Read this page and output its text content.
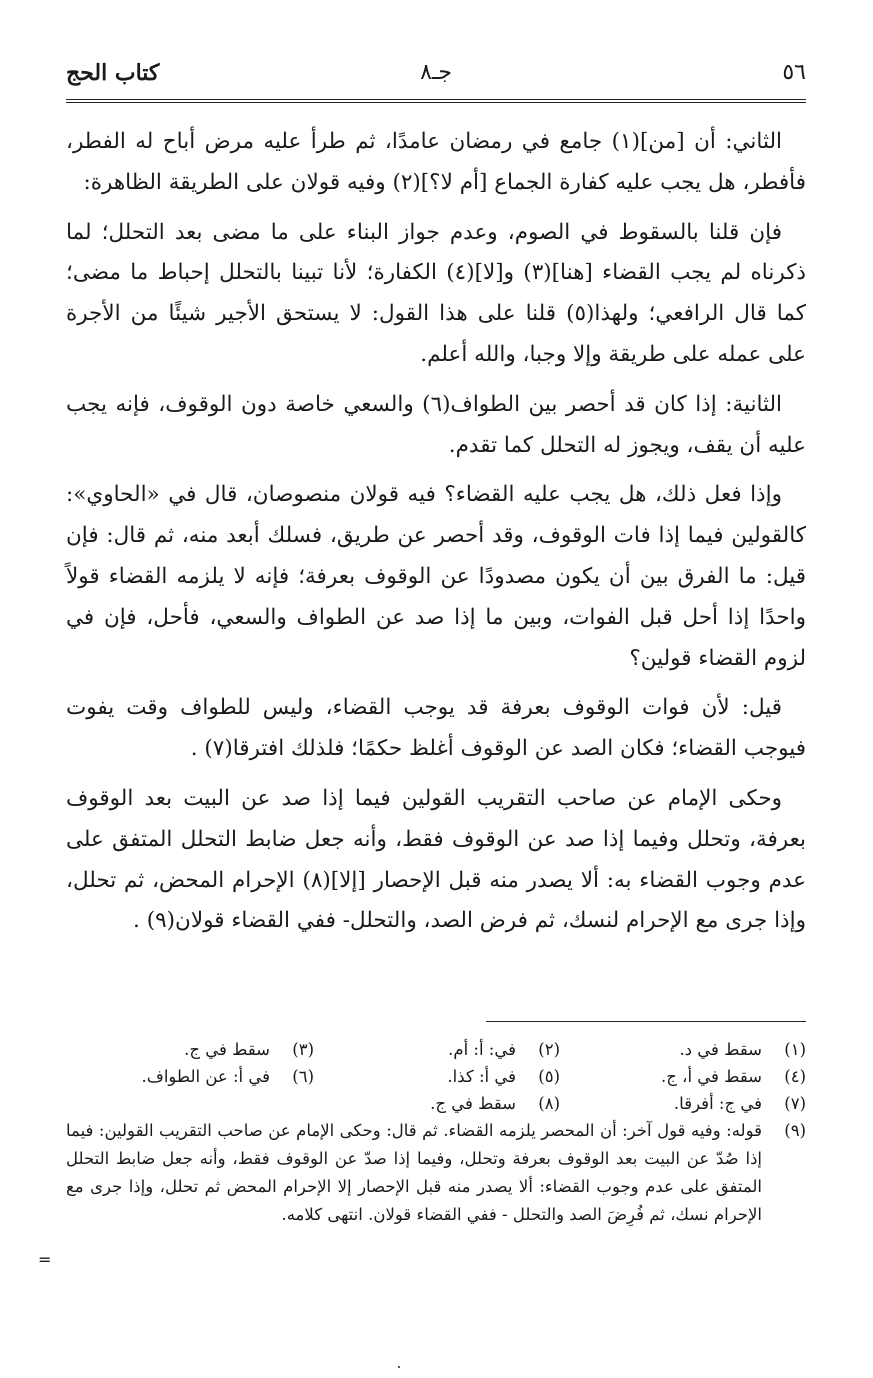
٥٦
جـ٨
كتاب الحج

الثاني: أن [من](١) جامع في رمضان عامدًا، ثم طرأ عليه مرض أباح له الفطر، فأفطر، هل يجب عليه كفارة الجماع [أم لا؟](٢) وفيه قولان على الطريقة الظاهرة:

فإن قلنا بالسقوط في الصوم، وعدم جواز البناء على ما مضى بعد التحلل؛ لما ذكرناه لم يجب القضاء [هنا](٣) و[لا](٤) الكفارة؛ لأنا تبينا بالتحلل إحباط ما مضى؛ كما قال الرافعي؛ ولهذا(٥) قلنا على هذا القول: لا يستحق الأجير شيئًا من الأجرة على عمله على طريقة وإلا وجبا، والله أعلم.

الثانية: إذا كان قد أحصر بين الطواف(٦) والسعي خاصة دون الوقوف، فإنه يجب عليه أن يقف، ويجوز له التحلل كما تقدم.

وإذا فعل ذلك، هل يجب عليه القضاء؟ فيه قولان منصوصان، قال في «الحاوي»: كالقولين فيما إذا فات الوقوف، وقد أحصر عن طريق، فسلك أبعد منه، ثم قال: فإن قيل: ما الفرق بين أن يكون مصدودًا عن الوقوف بعرفة؛ فإنه لا يلزمه القضاء قولاً واحدًا إذا أحل قبل الفوات، وبين ما إذا صد عن الطواف والسعي، فأحل، فإن في لزوم القضاء قولين؟

قيل: لأن فوات الوقوف بعرفة قد يوجب القضاء، وليس للطواف وقت يفوت فيوجب القضاء؛ فكان الصد عن الوقوف أغلظ حكمًا؛ فلذلك افترقا(٧) .

وحكى الإمام عن صاحب التقريب القولين فيما إذا صد عن البيت بعد الوقوف بعرفة، وتحلل وفيما إذا صد عن الوقوف فقط، وأنه جعل ضابط التحلل المتفق على عدم وجوب القضاء به: ألا يصدر منه قبل الإحصار [إلا](٨) الإحرام المحض، ثم تحلل، وإذا جرى مع الإحرام لنسك، ثم فرض الصد، والتحلل- ففي القضاء قولان(٩) .

(١)سقط في د.
(٢)في: أ: أم.
(٣)سقط في ج.
(٤)سقط في أ، ج.
(٥)في أ: كذا.
(٦)في أ: عن الطواف.
(٧)في ج: أفرقا.
(٨)سقط في ج.
(٩)
قوله: وفيه قول آخر: أن المحصر يلزمه القضاء. ثم قال: وحكى الإمام عن صاحب التقريب القولين: فيما إذا صُدّ عن البيت بعد الوقوف بعرفة وتحلل، وفيما إذا صدّ عن الوقوف فقط، وأنه جعل ضابط التحلل المتفق على عدم وجوب القضاء: ألا يصدر منه قبل الإحصار إلا الإحرام المحض ثم تحلل، وإذا جرى مع الإحرام نسك، ثم فُرِضَ الصد والتحلل - ففي القضاء قولان. انتهى كلامه.
=
